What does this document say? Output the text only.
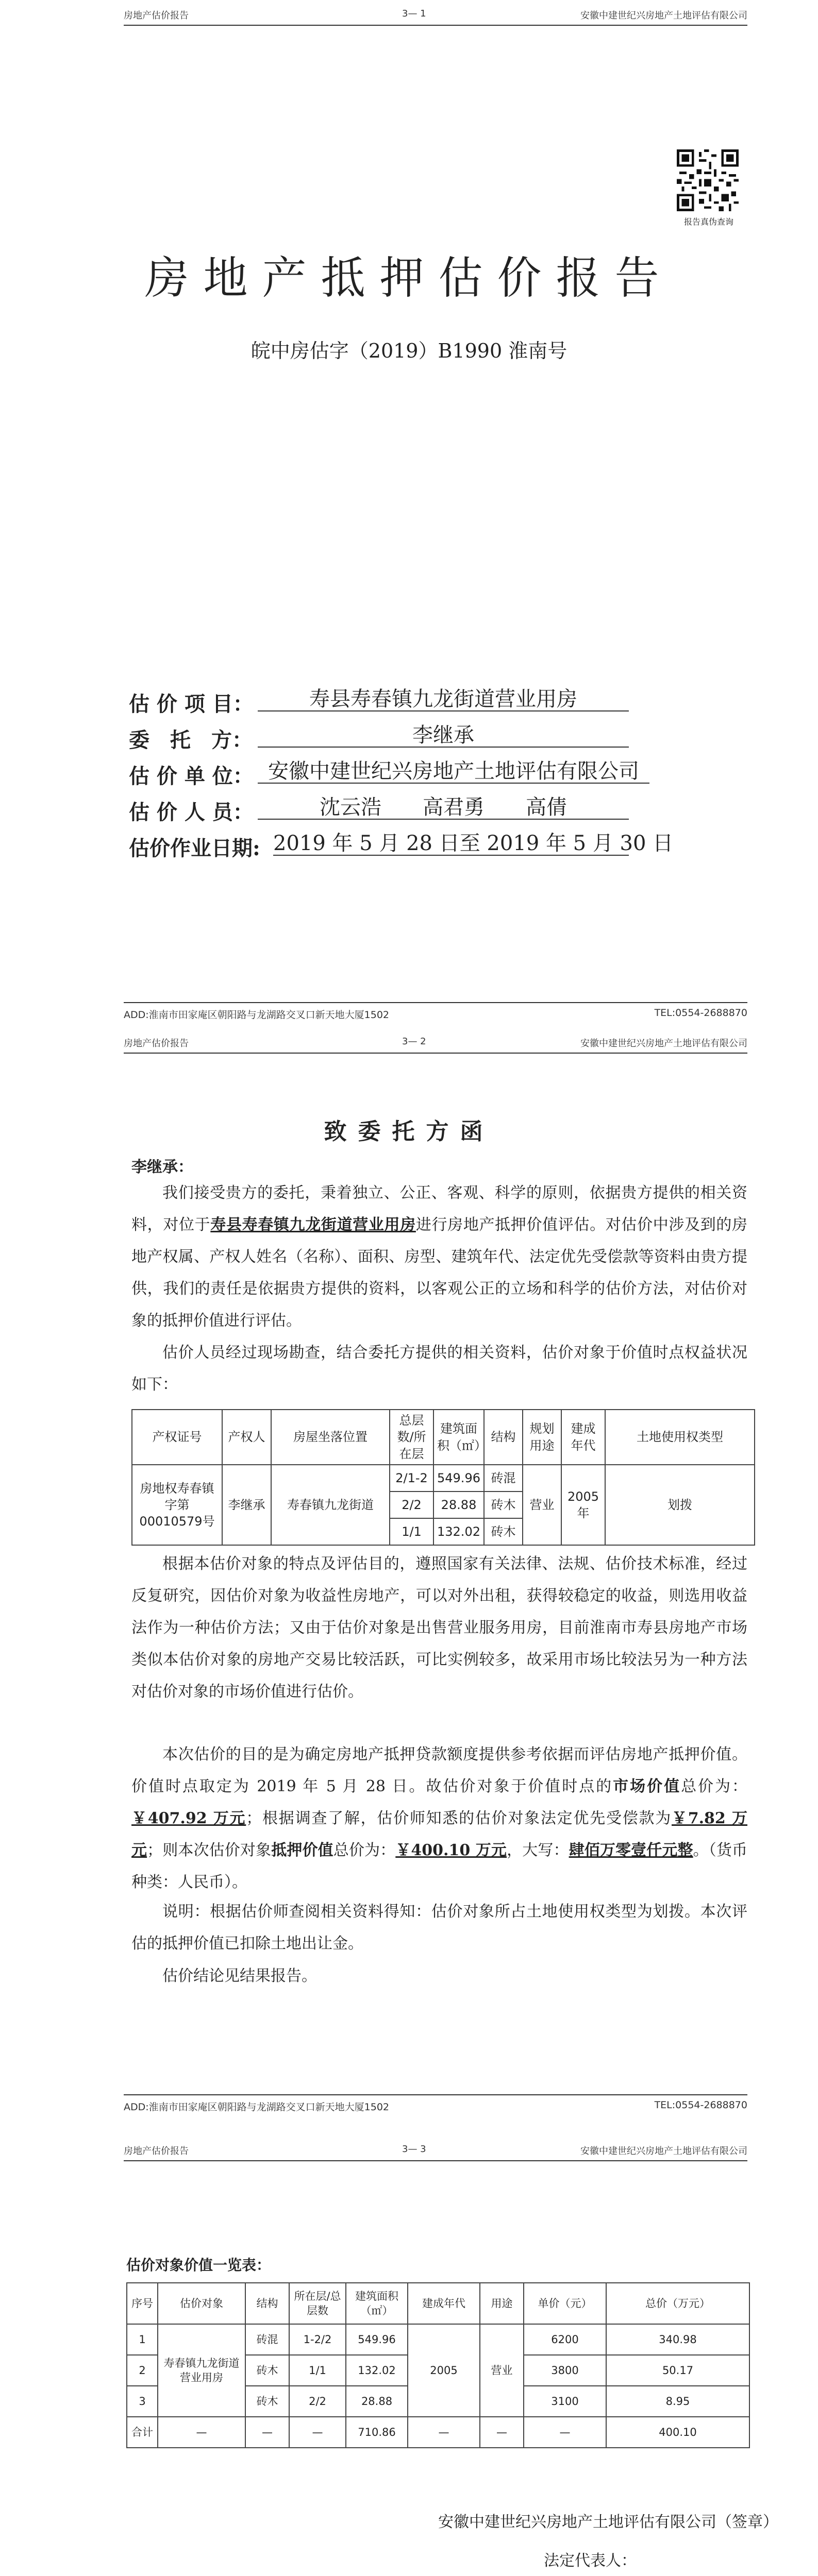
房地产估价报告	3— 1	安徽中建世纪兴房地产土地评估有限公司
报告真伪查询
房地产抵押估价报告
皖中房估字（2019）B1990 淮南号
估 价 项 目：	寿县寿春镇九龙街道营业用房
委　托　方：	李继承
估 价 单 位： 安徽中建世纪兴房地产土地评估有限公司
估 价 人 员：	沈云浩　　高君勇　　高倩
估价作业日期: 2019 年 5 月 28 日至 2019 年 5 月 30 日
ADD:淮南市田家庵区朝阳路与龙湖路交叉口新天地大厦1502	TEL:0554-2688870
房地产估价报告	3— 2	安徽中建世纪兴房地产土地评估有限公司
ADD:淮南市田家庵区朝阳路与龙湖路交叉口新天地大厦1502	TEL:0554-2688870
致委托方函
李继承：
我们接受贵方的委托，秉着独立、公正、客观、科学的原则，依据贵方提供的相关资料，对位于寿县寿春镇九龙街道营业用房进行房地产抵押价值评估。对估价中涉及到的房地产权属、产权人姓名（名称）、面积、房型、建筑年代、法定优先受偿款等资料由贵方提供，我们的责任是依据贵方提供的资料，以客观公正的立场和科学的估价方法，对估价对象的抵押价值进行评估。
估价人员经过现场勘查，结合委托方提供的相关资料，估价对象于价值时点权益状况如下：
产权证号	产权人	房屋坐落位置	总层数/所在层	建筑面积（㎡）	结构	规划用途	建成年代	土地使用权类型
房地权寿春镇字第00010579号	李继承	寿春镇九龙街道	2/1-2	549.96	砖混	营业	2005 年	划拨
			2/2	28.88	砖木			
			1/1	132.02	砖木			
根据本估价对象的特点及评估目的，遵照国家有关法律、法规、估价技术标准，经过反复研究，因估价对象为收益性房地产，可以对外出租，获得较稳定的收益，则选用收益法作为一种估价方法；又由于估价对象是出售营业服务用房，目前淮南市寿县房地产市场类似本估价对象的房地产交易比较活跃，可比实例较多，故采用市场比较法另为一种方法对估价对象的市场价值进行估价。
本次估价的目的是为确定房地产抵押贷款额度提供参考依据而评估房地产抵押价值。价值时点取定为 2019 年 5 月 28 日。故估价对象于价值时点的市场价值总价为：￥407.92 万元；根据调查了解，估价师知悉的估价对象法定优先受偿款为￥7.82 万元；则本次估价对象抵押价值总价为：￥400.10 万元，大写：肆佰万零壹仟元整。（货币种类：人民币）。
说明：根据估价师查阅相关资料得知：估价对象所占土地使用权类型为划拨。本次评估的抵押价值已扣除土地出让金。
估价结论见结果报告。
房地产估价报告	3— 3	安徽中建世纪兴房地产土地评估有限公司
估价对象价值一览表：
序号	估价对象	结构	所在层/总层数	建筑面积（㎡）	建成年代	用途	单价（元）	总价（万元）
1	寿春镇九龙街道营业用房	砖混	1-2/2	549.96	2005	营业	6200	340.98
2		砖木	1/1	132.02			3800	50.17
3		砖木	2/2	28.88			3100	8.95
合计	—	—	—	710.86	—	—	—	400.10
安徽中建世纪兴房地产土地评估有限公司（签章）
法定代表人：
